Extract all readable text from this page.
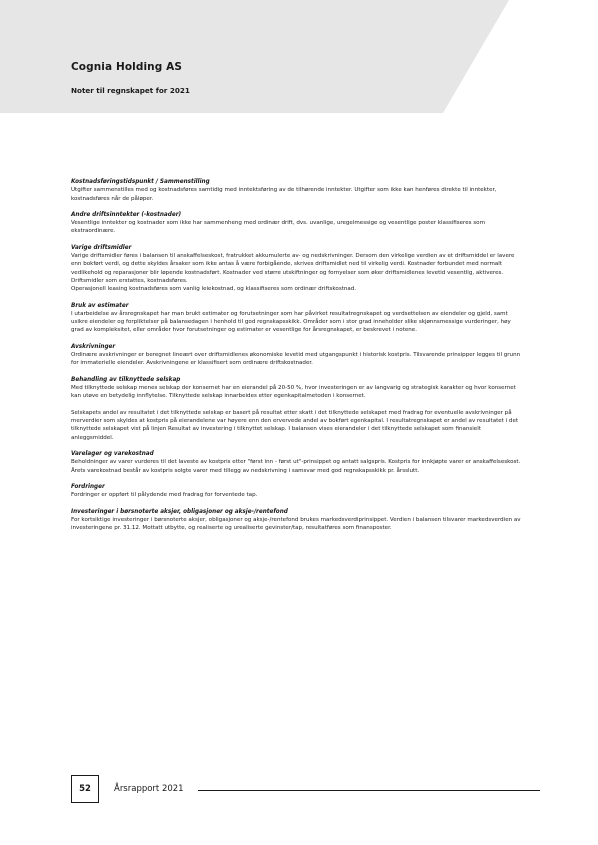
Cognia Holding AS
Noter til regnskapet for 2021
Kostnadsføringstidspunkt / Sammenstilling

Utgifter sammenstilles med og kostnadsføres samtidig med inntektsføring av de tilhørende inntekter. Utgifter som ikke kan henføres direkte til inntekter, kostnadsføres når de påløper.

Andre driftsinntekter (-kostnader)

Vesentlige inntekter og kostnader som ikke har sammenheng med ordinær drift, dvs. uvanlige, uregelmessige og vesentlige poster klassifiseres som ekstraordinære.

Varige driftsmidler

Varige driftsmidler føres i balansen til anskaffelseskost, fratrukket akkumulerte av- og nedskrivninger. Dersom den virkelige verdien av et driftsmiddel er lavere enn bokført verdi, og dette skyldes årsaker som ikke antas å være forbigående, skrives driftsmidlet ned til virkelig verdi. Kostnader forbundet med normalt vedlikehold og reparasjoner blir løpende kostnadsført. Kostnader ved større utskiftninger og fornyelser som øker driftsmidlenes levetid vesentlig, aktiveres. Driftsmidler som erstattes, kostnadsføres.

Operasjonell leasing kostnadsføres som vanlig leiekostnad, og klassifiseres som ordinær driftskostnad.

Bruk av estimater

I utarbeidelse av årsregnskapet har man brukt estimater og forutsetninger som har påvirket resultatregnskapet og verdsettelsen av eiendeler og gjeld, samt usikre eiendeler og forpliktelser på balansedagen i henhold til god regnskapsskikk. Områder som i stor grad inneholder slike skjønnsmessige vurderinger, høy grad av kompleksitet, eller områder hvor forutsetninger og estimater er vesentlige for årsregnskapet, er beskrevet i notene.

Avskrivninger

Ordinære avskrivninger er beregnet lineært over driftsmidlenes økonomiske levetid med utgangspunkt i historisk kostpris. Tilsvarende prinsipper legges til grunn for immaterielle eiendeler. Avskrivningene er klassifisert som ordinære driftskostnader.

Behandling av tilknyttede selskap

Med tilknyttede selskap menes selskap der konsernet har en eierandel på 20-50 %, hvor investeringen er av langvarig og strategisk karakter og hvor konsernet kan utøve en betydelig innflytelse. Tilknyttede selskap innarbeides etter egenkapitalmetoden i konsernet.

Selskapets andel av resultatet i det tilknyttede selskap er basert på resultat etter skatt i det tilknyttede selskapet med fradrag for eventuelle avskrivninger på merverdier som skyldes at kostpris på eierandelene var høyere enn den ervervede andel av bokført egenkapital. I resultatregnskapet er andel av resultatet i det tilknyttede selskapet vist på linjen Resultat av investering i tilknyttet selskap. I balansen vises eierandeler i det tilknyttede selskapet som finansielt anleggsmiddel.

Varelager og varekostnad

Beholdninger av varer vurderes til det laveste av kostpris etter "først inn - først ut"-prinsippet og antatt salgspris. Kostpris for innkjøpte varer er anskaffelseskost. Årets varekostnad består av kostpris solgte varer med tillegg av nedskrivning i samsvar med god regnskapsskikk pr. årsslutt.

Fordringer

Fordringer er oppført til pålydende med fradrag for forventede tap.

Investeringer i børsnoterte aksjer, obligasjoner og aksje-/rentefond

For kortsiktige investeringer i børsnoterte aksjer, obligasjoner og aksje-/rentefond brukes markedsverdiprinsippet. Verdien i balansen tilsvarer markedsverdien av investeringene pr. 31.12. Mottatt utbytte, og realiserte og urealiserte gevinster/tap, resultatføres som finansposter.

52	Årsrapport 2021
